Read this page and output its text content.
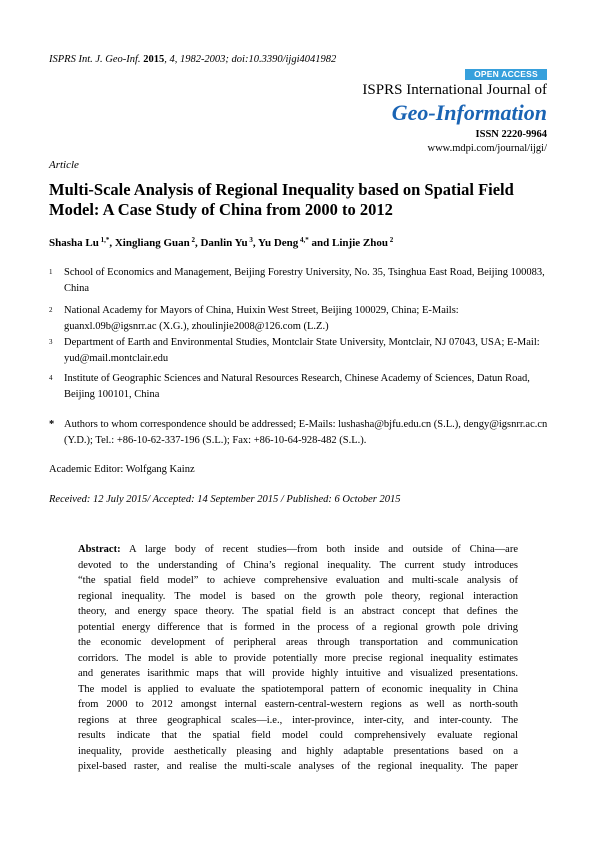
ISPRS Int. J. Geo-Inf. 2015, 4, 1982-2003; doi:10.3390/ijgi4041982
OPEN ACCESS
ISPRS International Journal of
Geo-Information
ISSN 2220-9964
www.mdpi.com/journal/ijgi/
Article
Multi-Scale Analysis of Regional Inequality based on Spatial Field Model: A Case Study of China from 2000 to 2012
Shasha Lu $^{1,*}$, Xingliang Guan $^2$, Danlin Yu $^3$, Yu Deng $^{4,*}$ and Linjie Zhou $^2$
1 School of Economics and Management, Beijing Forestry University, No. 35, Tsinghua East Road, Beijing 100083, China
2 National Academy for Mayors of China, Huixin West Street, Beijing 100029, China; E-Mails: guanxl.09b@igsnrr.ac (X.G.), zhoulinjie2008@126.com (L.Z.)
3 Department of Earth and Environmental Studies, Montclair State University, Montclair, NJ 07043, USA; E-Mail: yud@mail.montclair.edu
4 Institute of Geographic Sciences and Natural Resources Research, Chinese Academy of Sciences, Datun Road, Beijing 100101, China
* Authors to whom correspondence should be addressed; E-Mails: lushasha@bjfu.edu.cn (S.L.), dengy@igsnrr.ac.cn (Y.D.); Tel.: +86-10-62-337-196 (S.L.); Fax: +86-10-64-928-482 (S.L.).
Academic Editor: Wolfgang Kainz
Received: 12 July 2015/ Accepted: 14 September 2015 / Published: 6 October 2015
Abstract: A large body of recent studies—from both inside and outside of China—are
devoted to the understanding of China’s regional inequality. The current study introduces
“the spatial field model” to achieve comprehensive evaluation and multi-scale analysis of
regional inequality. The model is based on the growth pole theory, regional interaction
theory, and energy space theory. The spatial field is an abstract concept that defines the
potential energy difference that is formed in the process of a regional growth pole driving
the economic development of peripheral areas through transportation and communication
corridors. The model is able to provide potentially more precise regional inequality estimates
and generates isarithmic maps that will provide highly intuitive and visualized presentations.
The model is applied to evaluate the spatiotemporal pattern of economic inequality in China
from 2000 to 2012 amongst internal eastern-central-western regions as well as north-south
regions at three geographical scales—i.e., inter-province, inter-city, and inter-county. The
results indicate that the spatial field model could comprehensively evaluate regional
inequality, provide aesthetically pleasing and highly adaptable presentations based on a
pixel-based raster, and realise the multi-scale analyses of the regional inequality. The paper
